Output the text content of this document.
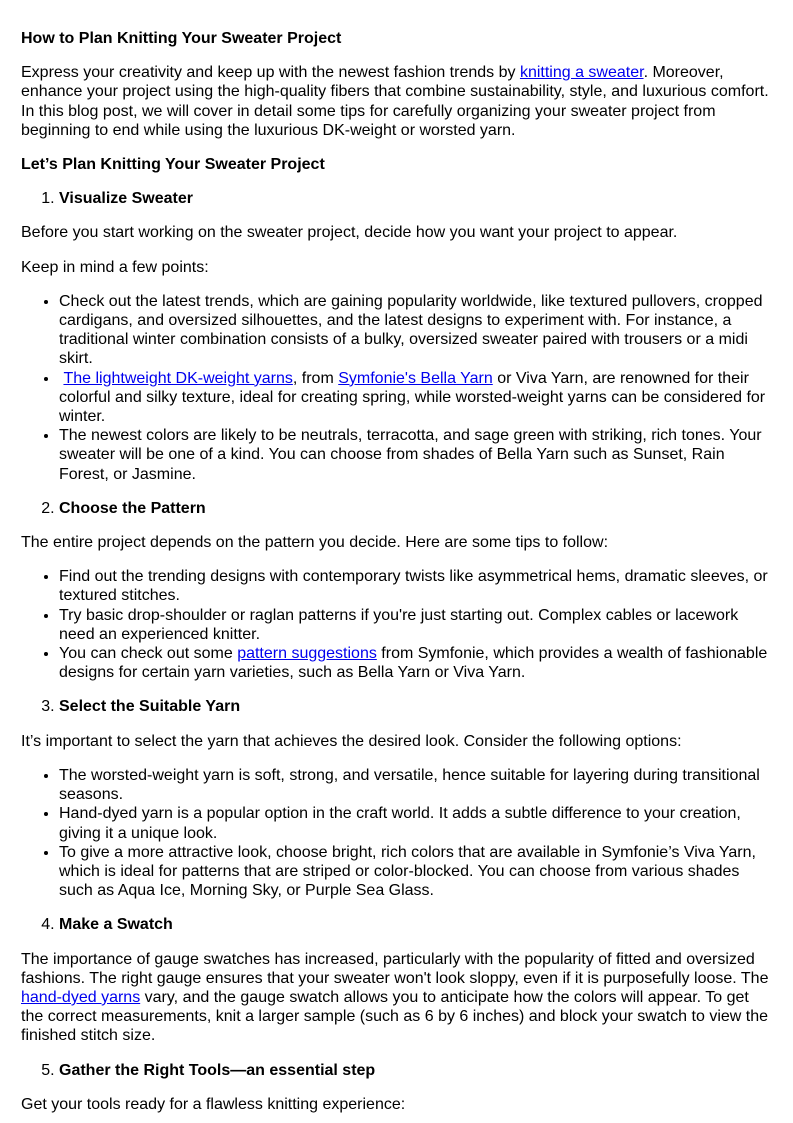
How to Plan Knitting Your Sweater Project

Express your creativity and keep up with the newest fashion trends by knitting a sweater. Moreover, enhance your project using the high-quality fibers that combine sustainability, style, and luxurious comfort. In this blog post, we will cover in detail some tips for carefully organizing your sweater project from beginning to end while using the luxurious DK-weight or worsted yarn.

Let’s Plan Knitting Your Sweater Project
1. Visualize Sweater

Before you start working on the sweater project, decide how you want your project to appear.

Keep in mind a few points:

• Check out the latest trends, which are gaining popularity worldwide, like textured pullovers, cropped cardigans, and oversized silhouettes, and the latest designs to experiment with. For instance, a traditional winter combination consists of a bulky, oversized sweater paired with trousers or a midi skirt.
• The lightweight DK-weight yarns, from Symfonie's Bella Yarn or Viva Yarn, are renowned for their colorful and silky texture, ideal for creating spring, while worsted-weight yarns can be considered for winter.
• The newest colors are likely to be neutrals, terracotta, and sage green with striking, rich tones. Your sweater will be one of a kind. You can choose from shades of Bella Yarn such as Sunset, Rain Forest, or Jasmine.
2. Choose the Pattern

The entire project depends on the pattern you decide. Here are some tips to follow:

• Find out the trending designs with contemporary twists like asymmetrical hems, dramatic sleeves, or textured stitches.
• Try basic drop-shoulder or raglan patterns if you're just starting out. Complex cables or lacework need an experienced knitter.
• You can check out some pattern suggestions from Symfonie, which provides a wealth of fashionable designs for certain yarn varieties, such as Bella Yarn or Viva Yarn.
3. Select the Suitable Yarn

It’s important to select the yarn that achieves the desired look. Consider the following options:

• The worsted-weight yarn is soft, strong, and versatile, hence suitable for layering during transitional seasons.
• Hand-dyed yarn is a popular option in the craft world. It adds a subtle difference to your creation, giving it a unique look.
• To give a more attractive look, choose bright, rich colors that are available in Symfonie’s Viva Yarn, which is ideal for patterns that are striped or color-blocked. You can choose from various shades such as Aqua Ice, Morning Sky, or Purple Sea Glass.
4. Make a Swatch

The importance of gauge swatches has increased, particularly with the popularity of fitted and oversized fashions. The right gauge ensures that your sweater won't look sloppy, even if it is purposefully loose. The hand-dyed yarns vary, and the gauge swatch allows you to anticipate how the colors will appear. To get the correct measurements, knit a larger sample (such as 6 by 6 inches) and block your swatch to view the finished stitch size.

5. Gather the Right Tools—an essential step

Get your tools ready for a flawless knitting experience:
